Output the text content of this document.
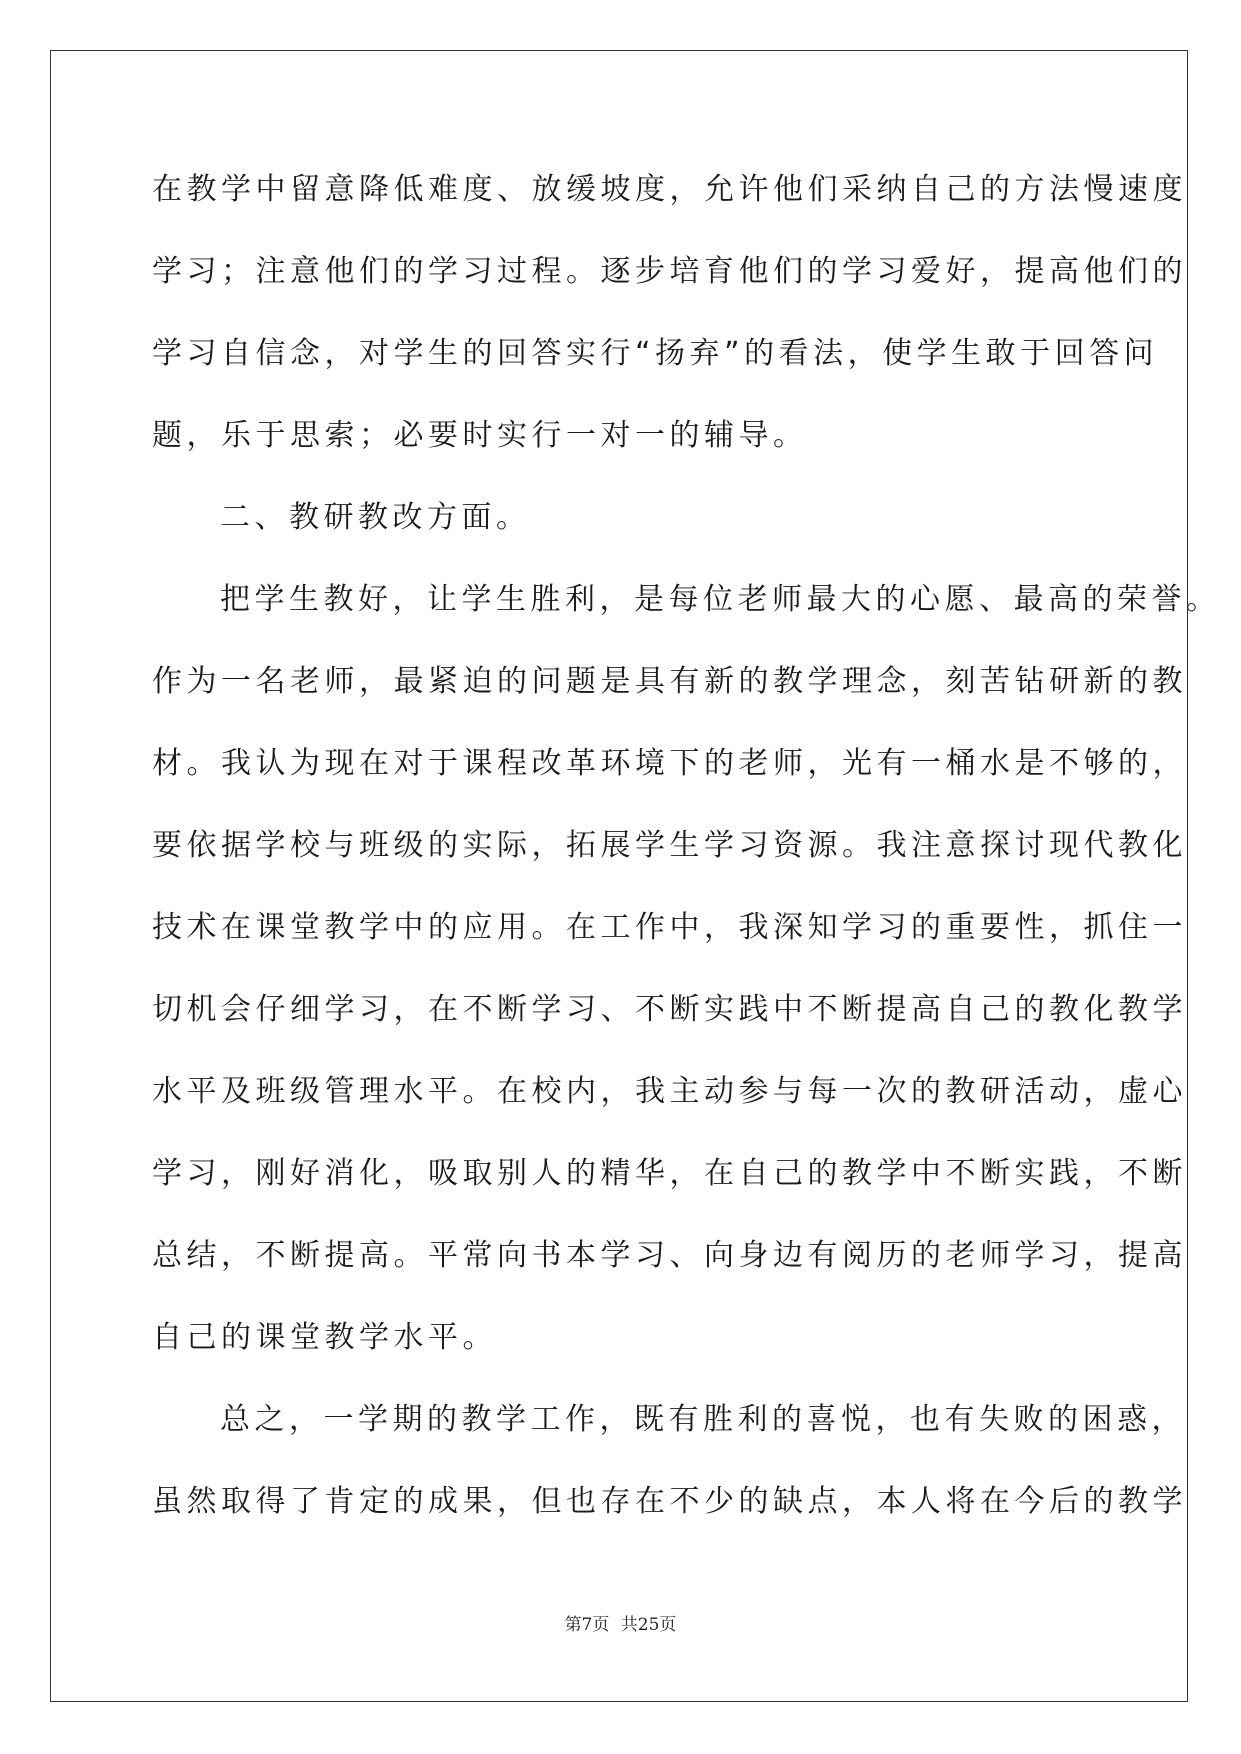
在教学中留意降低难度、放缓坡度，允许他们采纳自己的方法慢速度
学习；注意他们的学习过程。逐步培育他们的学习爱好，提高他们的
学习自信念，对学生的回答实行“扬弃”的看法，使学生敢于回答问
题，乐于思索；必要时实行一对一的辅导。
二、教研教改方面。
把学生教好，让学生胜利，是每位老师最大的心愿、最高的荣誉。
作为一名老师，最紧迫的问题是具有新的教学理念，刻苦钻研新的教
材。我认为现在对于课程改革环境下的老师，光有一桶水是不够的，
要依据学校与班级的实际，拓展学生学习资源。我注意探讨现代教化
技术在课堂教学中的应用。在工作中，我深知学习的重要性，抓住一
切机会仔细学习，在不断学习、不断实践中不断提高自己的教化教学
水平及班级管理水平。在校内，我主动参与每一次的教研活动，虚心
学习，刚好消化，吸取别人的精华，在自己的教学中不断实践，不断
总结，不断提高。平常向书本学习、向身边有阅历的老师学习，提高
自己的课堂教学水平。
总之，一学期的教学工作，既有胜利的喜悦，也有失败的困惑，
虽然取得了肯定的成果，但也存在不少的缺点，本人将在今后的教学
第7页 共25页
